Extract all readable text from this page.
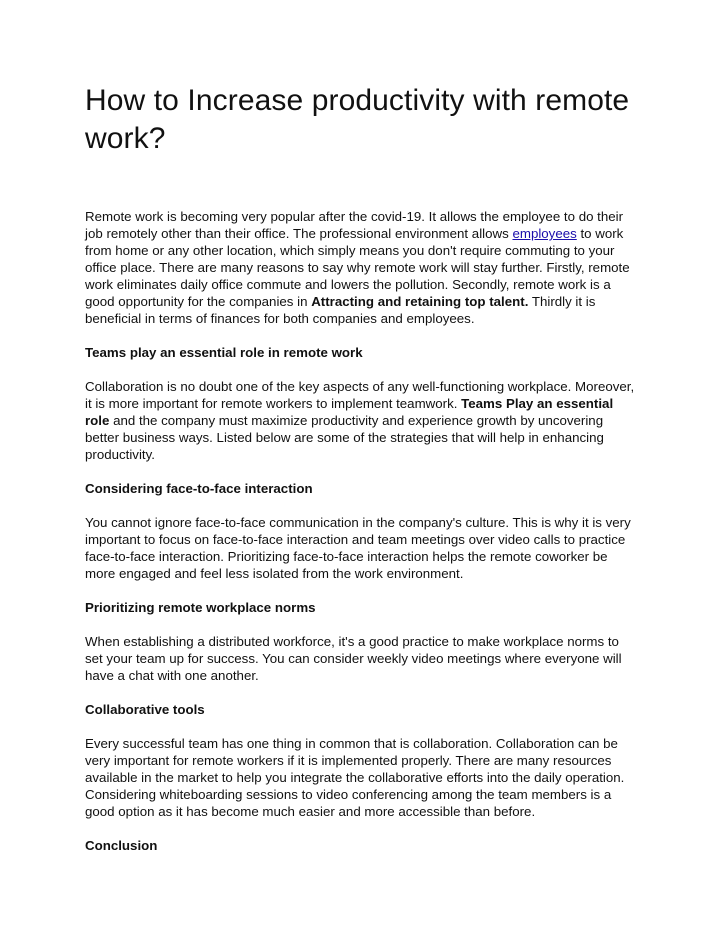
How to Increase productivity with remote work?

Remote work is becoming very popular after the covid-19. It allows the employee to do their job remotely other than their office. The professional environment allows employees to work from home or any other location, which simply means you don't require commuting to your office place. There are many reasons to say why remote work will stay further. Firstly, remote work eliminates daily office commute and lowers the pollution. Secondly, remote work is a good opportunity for the companies in Attracting and retaining top talent. Thirdly it is beneficial in terms of finances for both companies and employees.

Teams play an essential role in remote work

Collaboration is no doubt one of the key aspects of any well-functioning workplace. Moreover, it is more important for remote workers to implement teamwork. Teams Play an essential role and the company must maximize productivity and experience growth by uncovering better business ways. Listed below are some of the strategies that will help in enhancing productivity.

Considering face-to-face interaction

You cannot ignore face-to-face communication in the company's culture. This is why it is very important to focus on face-to-face interaction and team meetings over video calls to practice face-to-face interaction. Prioritizing face-to-face interaction helps the remote coworker be more engaged and feel less isolated from the work environment.

Prioritizing remote workplace norms

When establishing a distributed workforce, it's a good practice to make workplace norms to set your team up for success. You can consider weekly video meetings where everyone will have a chat with one another.

Collaborative tools

Every successful team has one thing in common that is collaboration. Collaboration can be very important for remote workers if it is implemented properly. There are many resources available in the market to help you integrate the collaborative efforts into the daily operation. Considering whiteboarding sessions to video conferencing among the team members is a good option as it has become much easier and more accessible than before.

Conclusion
